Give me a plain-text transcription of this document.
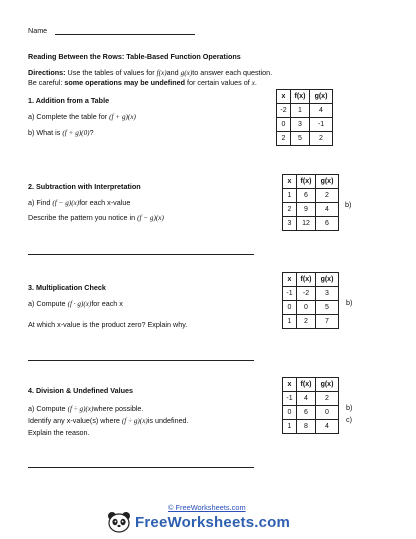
Name
Reading Between the Rows: Table-Based Function Operations
Directions: Use the tables of values for f(x)and g(x)to answer each question.
Be careful: some operations may be undefined for certain values of x.
1. Addition from a Table
a) Complete the table for (f + g)(x)
b) What is (f + g)(0)?
x	f(x)	g(x)
-2	1	4
0	3	-1
2	5	2
2. Subtraction with Interpretation
a) Find (f − g)(x)for each x-value
Describe the pattern you notice in (f − g)(x)
x	f(x)	g(x)
1	6	2
2	9	4
3	12	6
b)
3. Multiplication Check
a) Compute (f · g)(x)for each x
At which x-value is the product zero? Explain why.
x	f(x)	g(x)
-1	-2	3
0	0	5
1	2	7
b)
4. Division & Undefined Values
a) Compute (f ÷ g)(x)where possible.
Identify any x-value(s) where (f ÷ g)(x)is undefined.
Explain the reason.
x	f(x)	g(x)
-1	4	2
0	6	0
1	8	4
b)
c)
© FreeWorksheets.com
FreeWorksheets.com
